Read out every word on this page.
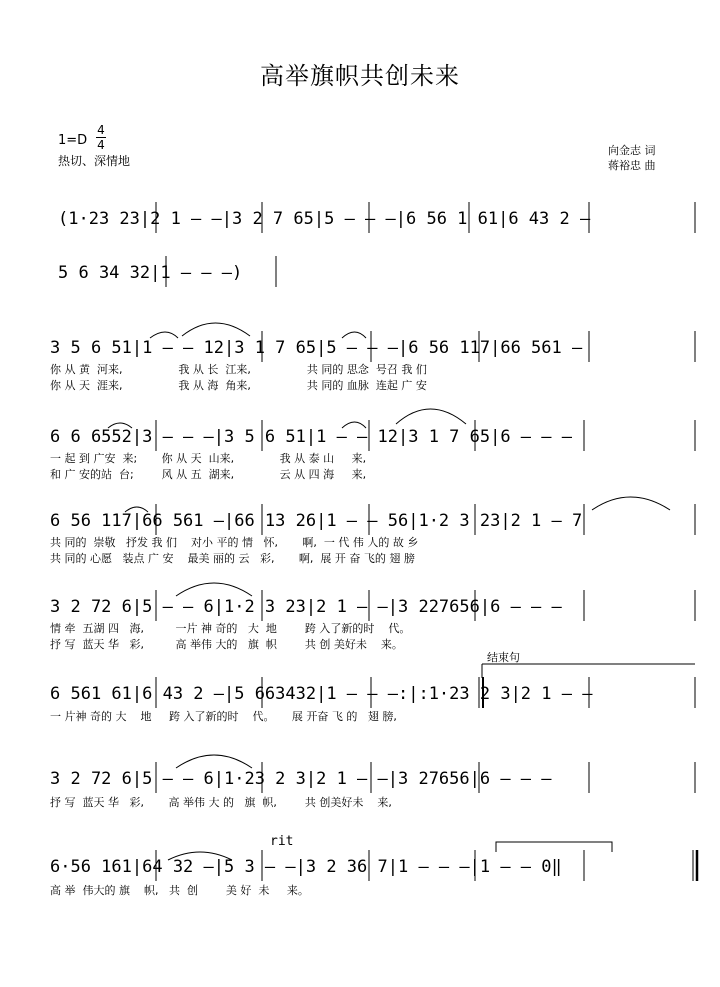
高举旗帜共创未来
1=D
4
4
热切、深情地
向金志 词
蒋裕忠 曲
(1·23 23|2 1 — —|3 2 7 65|5 — — —|6 56 1 61|6 43 2 —
5 6 34 32|1 — — —)
3 5 6 51|1 — — 12|3 1 7 65|5 — — —|6 56 117|66 561 —
你 从 黄  河来,                我 从 长  江来,                共 同的 思念  号召 我 们
你 从 天  涯来,                我 从 海  角来,                共 同的 血脉  连起 广 安
6 6 6552|3 — — —|3 5 6 51|1 — — 12|3 1 7 65|6 — — —
一 起 到 广安  来;       你 从 天  山来,             我 从 泰 山     来,
和 广 安的站  台;        风 从 五  湖来,             云 从 四 海     来,
6 56 117|66 561 —|66 13 26|1 — — 56|1·2 3 23|2 1 — 7
共 同的  崇敬   抒发 我 们    对小 平的 情   怀,       啊,  一 代 伟 人的 故 乡
共 同的 心愿   装点 广 安    最美 丽的 云   彩,       啊,  展 开 奋 飞的 翅 膀
3 2 72 6|5 — — 6|1·2 3 23|2 1 — —|3 227656|6 — — —
情 牵  五湖 四   海,         一片 神 奇的   大  地        跨 入了新的时    代。
抒 写  蓝天 华   彩,         高 举伟 大的   旗  帜        共 创 美好未    来。
结束句
6 561 61|6 43 2 —|5 663432|1 — — —:|:1·23 2 3|2 1 — —
一 片神 奇的 大    地     跨 入了新的时    代。     展 开奋 飞 的   翅 膀,
3 2 72 6|5 — — 6|1·23 2 3|2 1 — —|3 27656|6 — — —
抒 写  蓝天 华   彩,       高 举伟 大 的   旗  帜,        共 创美好未    来,
rit
6·56 161|64 32 —|5 3 — —|3 2 36 7|1 — — —|1 — — 0‖
高 举  伟大的 旗    帜,   共  创        美 好  未     来。
